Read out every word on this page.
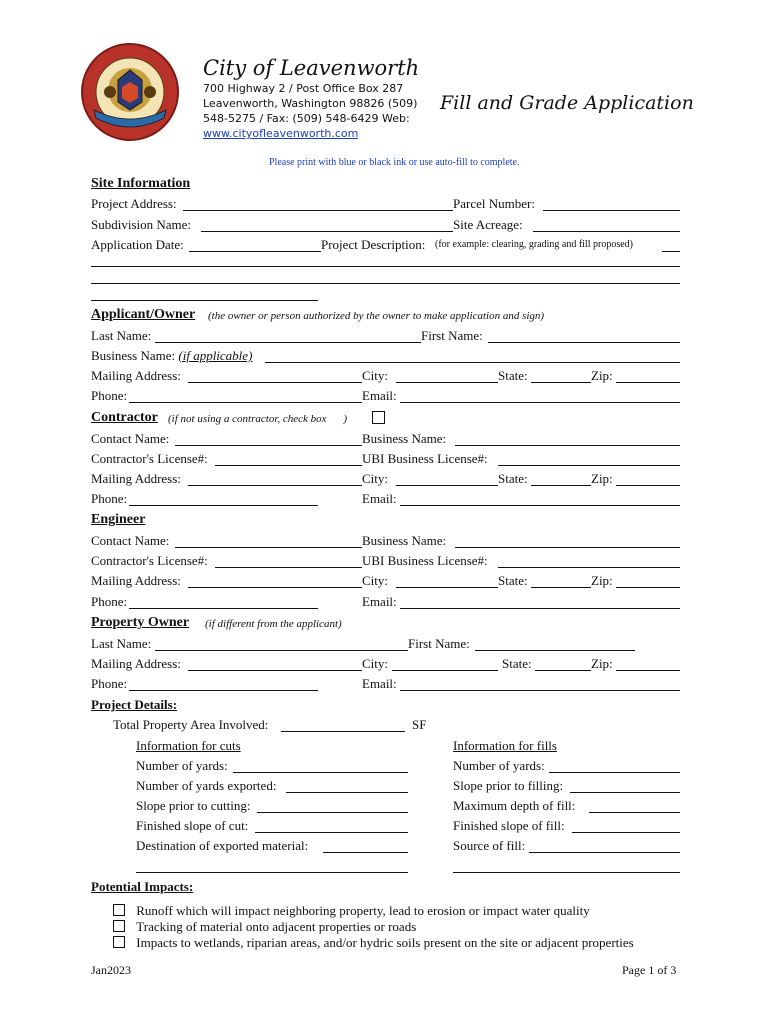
City of Leavenworth
700 Highway 2 / Post Office Box 287
Leavenworth, Washington 98826 (509)
548-5275 / Fax: (509) 548-6429 Web:
www.cityofleavenworth.com
Fill and Grade Application
Please print with blue or black ink or use auto-fill to complete.
Site Information
Project Address:	Parcel Number:
Subdivision Name:	Site Acreage:
Application Date:	Project Description: (for example: clearing, grading and fill proposed)
Applicant/Owner (the owner or person authorized by the owner to make application and sign)
Last Name:	First Name:
Business Name: (if applicable)
Mailing Address:	City:	State:	Zip:
Phone:	Email:
Contractor (if not using a contractor, check box )
Contact Name:	Business Name:
Contractor's License#:	UBI Business License#:
Mailing Address:	City:	State:	Zip:
Phone:	Email:
Engineer
Contact Name:	Business Name:
Contractor's License#:	UBI Business License#:
Mailing Address:	City:	State:	Zip:
Phone:	Email:
Property Owner (if different from the applicant)
Last Name:	First Name:
Mailing Address:	City:	State:	Zip:
Phone:	Email:
Project Details:
Total Property Area Involved:	SF
Information for cuts	Information for fills
Number of yards:	Number of yards:
Number of yards exported:	Slope prior to filling:
Slope prior to cutting:	Maximum depth of fill:
Finished slope of cut:	Finished slope of fill:
Destination of exported material:	Source of fill:
Potential Impacts:
Runoff which will impact neighboring property, lead to erosion or impact water quality
Tracking of material onto adjacent properties or roads
Impacts to wetlands, riparian areas, and/or hydric soils present on the site or adjacent properties
Jan2023	Page 1 of 3
